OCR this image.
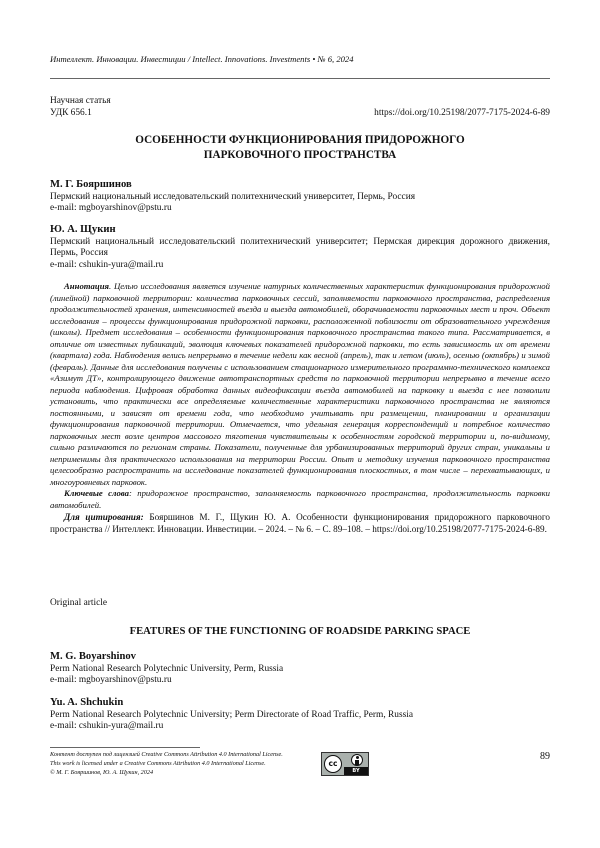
Интеллект. Инновации. Инвестиции / Intellect. Innovations. Investments • № 6, 2024
Научная статья
УДК 656.1	https://doi.org/10.25198/2077-7175-2024-6-89
ОСОБЕННОСТИ ФУНКЦИОНИРОВАНИЯ ПРИДОРОЖНОГО
ПАРКОВОЧНОГО ПРОСТРАНСТВА
М. Г. Бояршинов
Пермский национальный исследовательский политехнический университет, Пермь, Россия
e-mail: mgboyarshinov@pstu.ru
Ю. А. Щукин
Пермский национальный исследовательский политехнический университет; Пермская дирекция дорожного движения, Пермь, Россия
e-mail: cshukin-yura@mail.ru

Аннотация. Целью исследования является изучение натурных количественных характеристик функционирования придорожной (линейной) парковочной территории: количества парковочных сессий, заполняемости парковочного пространства, распределения продолжительностей хранения, интенсивностей въезда и выезда автомобилей, оборачиваемости парковочных мест и проч. Объект исследования – процессы функционирования придорожной парковки, расположенной поблизости от образовательного учреждения (школы). Предмет исследования – особенности функционирования парковочного пространства такого типа. Рассматривается, в отличие от известных публикаций, эволюция ключевых показателей придорожной парковки, то есть зависимость их от времени (квартала) года. Наблюдения велись непрерывно в течение недели как весной (апрель), так и летом (июль), осенью (октябрь) и зимой (февраль). Данные для исследования получены с использованием стационарного измерительного программно-технического комплекса «Азимут ДТ», контролирующего движение автотранспортных средств по парковочной территории непрерывно в течение всего периода наблюдения. Цифровая обработка данных видеофиксации въезда автомобилей на парковку и выезда с нее позволили установить, что практически все определяемые количественные характеристики парковочного пространства не являются постоянными, и зависят от времени года, что необходимо учитывать при размещении, планировании и организации функционирования парковочной территории. Отмечается, что удельная генерация корреспонденций и потребное количество парковочных мест возле центров массового тяготения чувствительны к особенностям городской территории и, по-видимому, сильно различаются по регионам страны. Показатели, полученные для урбанизированных территорий других стран, уникальны и неприменимы для практического использования на территории России. Опыт и методику изучения парковочного пространства целесообразно распространить на исследование показателей функционирования плоскостных, в том числе – перехватывающих, и многоуровневых парковок.

Ключевые слова: придорожное пространство, заполняемость парковочного пространства, продолжительность парковки автомобилей.

Для цитирования: Бояршинов М. Г., Щукин Ю. А. Особенности функционирования придорожного парковочного пространства // Интеллект. Инновации. Инвестиции. – 2024. – № 6. – С. 89–108. – https://doi.org/10.25198/2077-7175-2024-6-89.

Original article
FEATURES OF THE FUNCTIONING OF ROADSIDE PARKING SPACE
M. G. Boyarshinov
Perm National Research Polytechnic University, Perm, Russia
e-mail: mgboyarshinov@pstu.ru
Yu. A. Shchukin
Perm National Research Polytechnic University; Perm Directorate of Road Traffic, Perm, Russia
e-mail: cshukin-yura@mail.ru
Контент доступен под лицензией Creative Commons Attribution 4.0 International License.
This work is licensed under a Creative Commons Attribution 4.0 International License.
© М. Г. Бояршинов, Ю. А. Щукин, 2024
cc
BY
89
